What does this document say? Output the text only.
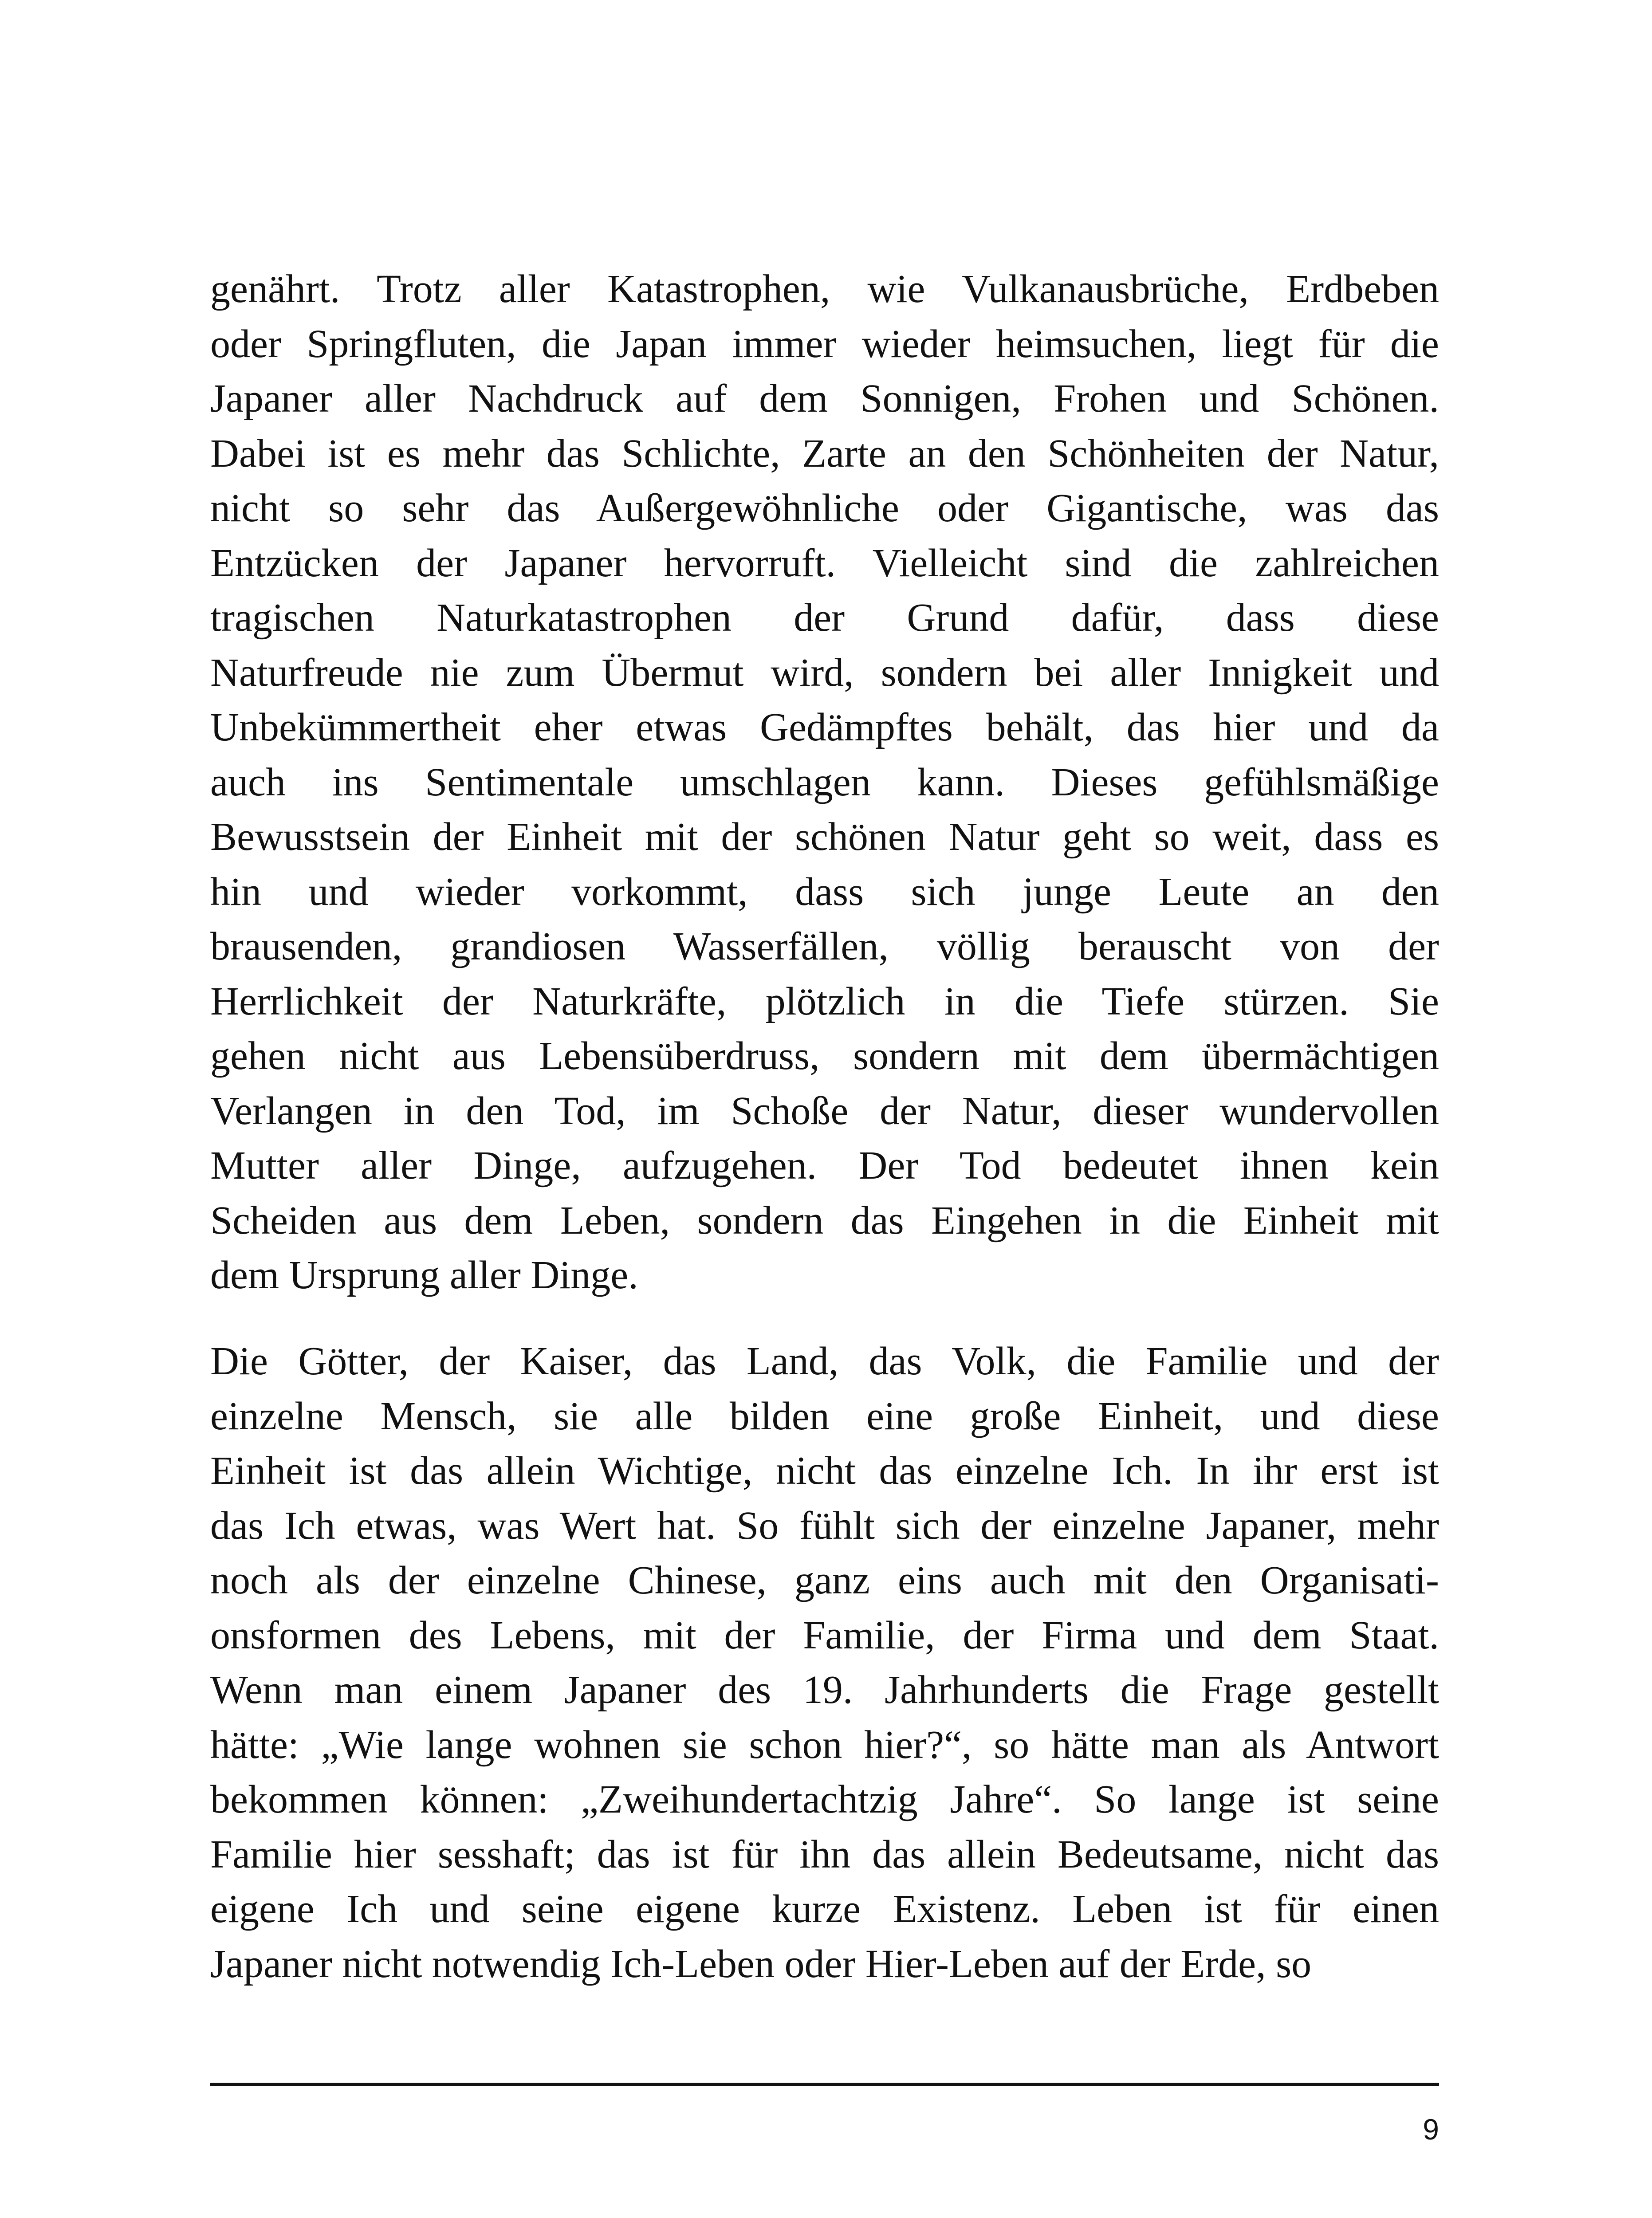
genährt. Trotz aller Katastrophen, wie Vulkanausbrüche, Erdbeben
oder Springfluten, die Japan immer wieder heimsuchen, liegt für die
Japaner aller Nachdruck auf dem Sonnigen, Frohen und Schönen.
Dabei ist es mehr das Schlichte, Zarte an den Schönheiten der Natur,
nicht so sehr das Außergewöhnliche oder Gigantische, was das
Entzücken der Japaner hervorruft. Vielleicht sind die zahlreichen
tragischen Naturkatastrophen der Grund dafür, dass diese
Naturfreude nie zum Übermut wird, sondern bei aller Innigkeit und
Unbekümmertheit eher etwas Gedämpftes behält, das hier und da
auch ins Sentimentale umschlagen kann. Dieses gefühlsmäßige
Bewusstsein der Einheit mit der schönen Natur geht so weit, dass es
hin und wieder vorkommt, dass sich junge Leute an den
brausenden, grandiosen Wasserfällen, völlig berauscht von der
Herrlichkeit der Naturkräfte, plötzlich in die Tiefe stürzen. Sie
gehen nicht aus Lebensüberdruss, sondern mit dem übermächtigen
Verlangen in den Tod, im Schoße der Natur, dieser wundervollen
Mutter aller Dinge, aufzugehen. Der Tod bedeutet ihnen kein
Scheiden aus dem Leben, sondern das Eingehen in die Einheit mit
dem Ursprung aller Dinge.
Die Götter, der Kaiser, das Land, das Volk, die Familie und der
einzelne Mensch, sie alle bilden eine große Einheit, und diese
Einheit ist das allein Wichtige, nicht das einzelne Ich. In ihr erst ist
das Ich etwas, was Wert hat. So fühlt sich der einzelne Japaner, mehr
noch als der einzelne Chinese, ganz eins auch mit den Organisati-
onsformen des Lebens, mit der Familie, der Firma und dem Staat.
Wenn man einem Japaner des 19. Jahrhunderts die Frage gestellt
hätte: „Wie lange wohnen sie schon hier?“, so hätte man als Antwort
bekommen können: „Zweihundertachtzig Jahre“. So lange ist seine
Familie hier sesshaft; das ist für ihn das allein Bedeutsame, nicht das
eigene Ich und seine eigene kurze Existenz. Leben ist für einen
Japaner nicht notwendig Ich-Leben oder Hier-Leben auf der Erde, so
9
